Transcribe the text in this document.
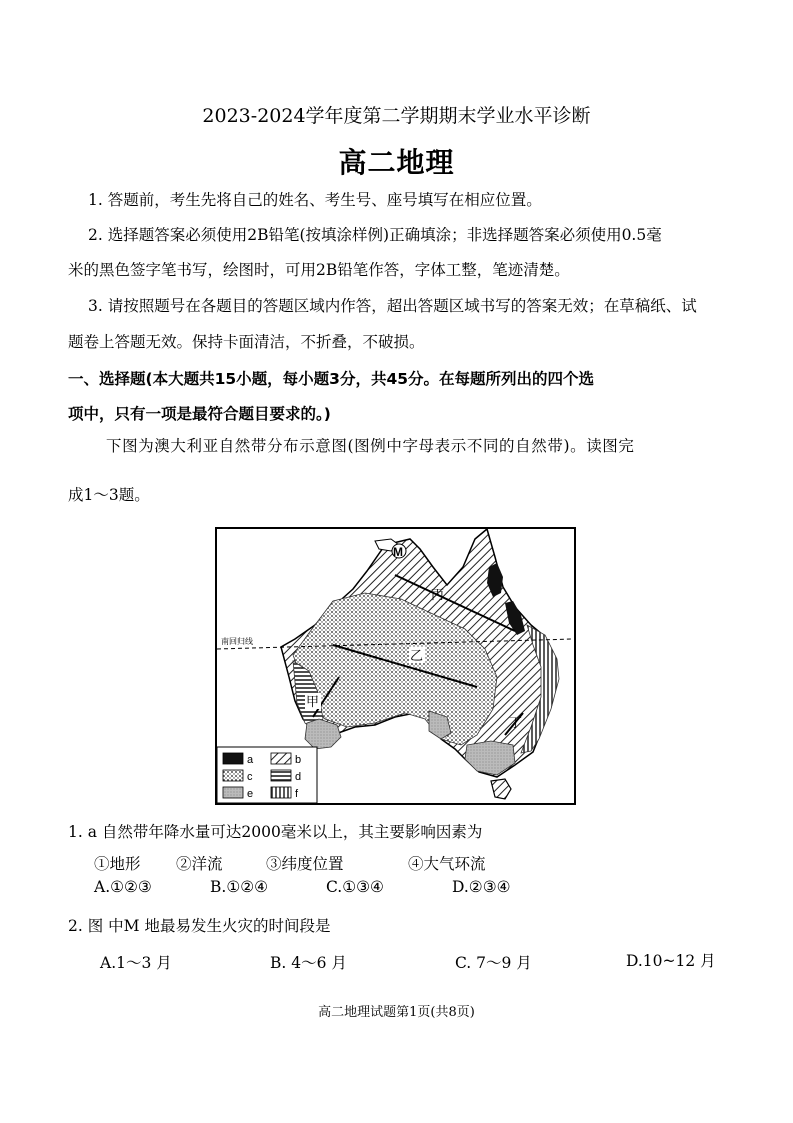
2023-2024学年度第二学期期末学业水平诊断
高二地理
1. 答题前，考生先将自己的姓名、考生号、座号填写在相应位置。
2. 选择题答案必须使用2B铅笔(按填涂样例)正确填涂；非选择题答案必须使用0.5毫
米的黑色签字笔书写，绘图时，可用2B铅笔作答，字体工整，笔迹清楚。
3. 请按照题号在各题目的答题区域内作答，超出答题区域书写的答案无效；在草稿纸、试
题卷上答题无效。保持卡面清洁，不折叠，不破损。
一、选择题(本大题共15小题，每小题3分，共45分。在每题所列出的四个选
项中，只有一项是最符合题目要求的。)
下图为澳大利亚自然带分布示意图(图例中字母表示不同的自然带)。读图完
成1～3题。
M
丙
乙
甲
丁
南回归线
a	b
c	d
e	f
1. a 自然带年降水量可达2000毫米以上，其主要影响因素为
①地形 ②洋流	③纬度位置	④大气环流
A.①②③	B.①②④	C.①③④	D.②③④
2. 图 中M 地最易发生火灾的时间段是
A.1～3 月	B. 4～6 月	C. 7～9 月	D.10~12 月
高二地理试题第1页(共8页)
